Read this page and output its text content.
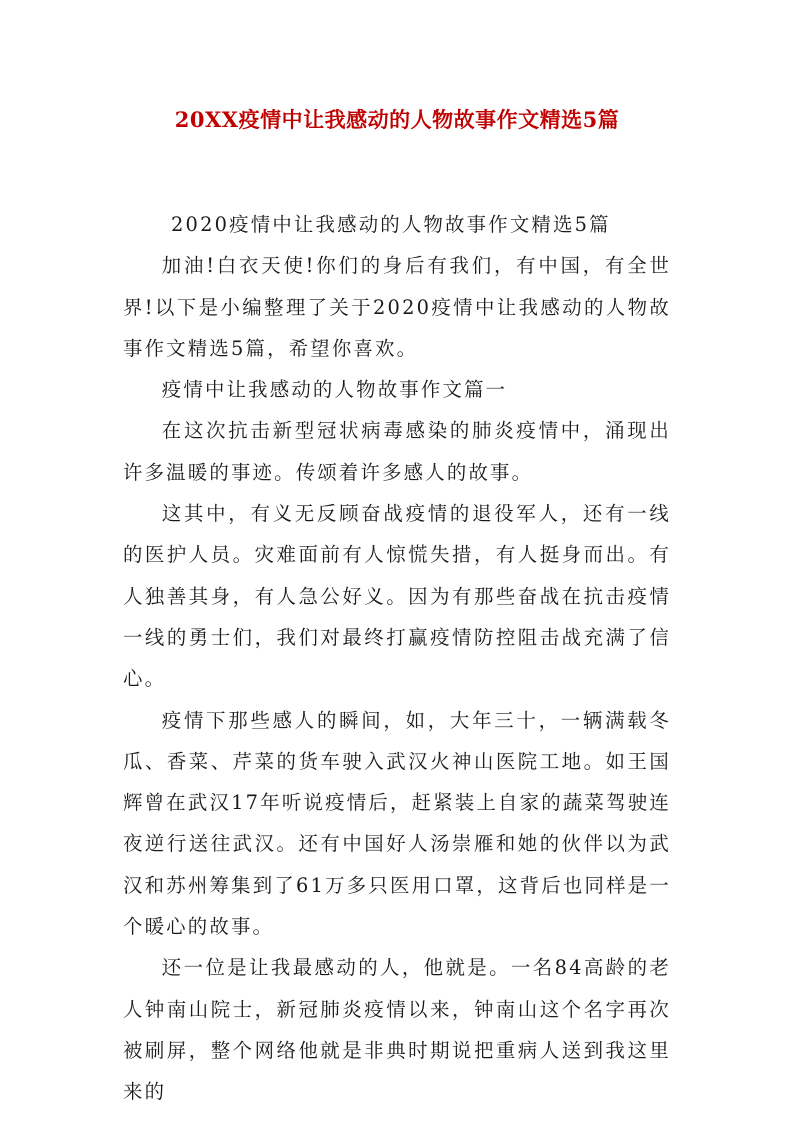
20XX疫情中让我感动的人物故事作文精选5篇

2020疫情中让我感动的人物故事作文精选5篇

加油!白衣天使!你们的身后有我们，有中国，有全世界!以下是小编整理了关于2020疫情中让我感动的人物故事作文精选5篇，希望你喜欢。

疫情中让我感动的人物故事作文篇一

在这次抗击新型冠状病毒感染的肺炎疫情中，涌现出许多温暖的事迹。传颂着许多感人的故事。

这其中，有义无反顾奋战疫情的退役军人，还有一线的医护人员。灾难面前有人惊慌失措，有人挺身而出。有人独善其身，有人急公好义。因为有那些奋战在抗击疫情一线的勇士们，我们对最终打赢疫情防控阻击战充满了信心。

疫情下那些感人的瞬间，如，大年三十，一辆满载冬瓜、香菜、芹菜的货车驶入武汉火神山医院工地。如王国辉曾在武汉17年听说疫情后，赶紧装上自家的蔬菜驾驶连夜逆行送往武汉。还有中国好人汤崇雁和她的伙伴以为武汉和苏州筹集到了61万多只医用口罩，这背后也同样是一个暖心的故事。

还一位是让我最感动的人，他就是。一名84高龄的老人钟南山院士，新冠肺炎疫情以来，钟南山这个名字再次被刷屏，整个网络他就是非典时期说把重病人送到我这里来的
